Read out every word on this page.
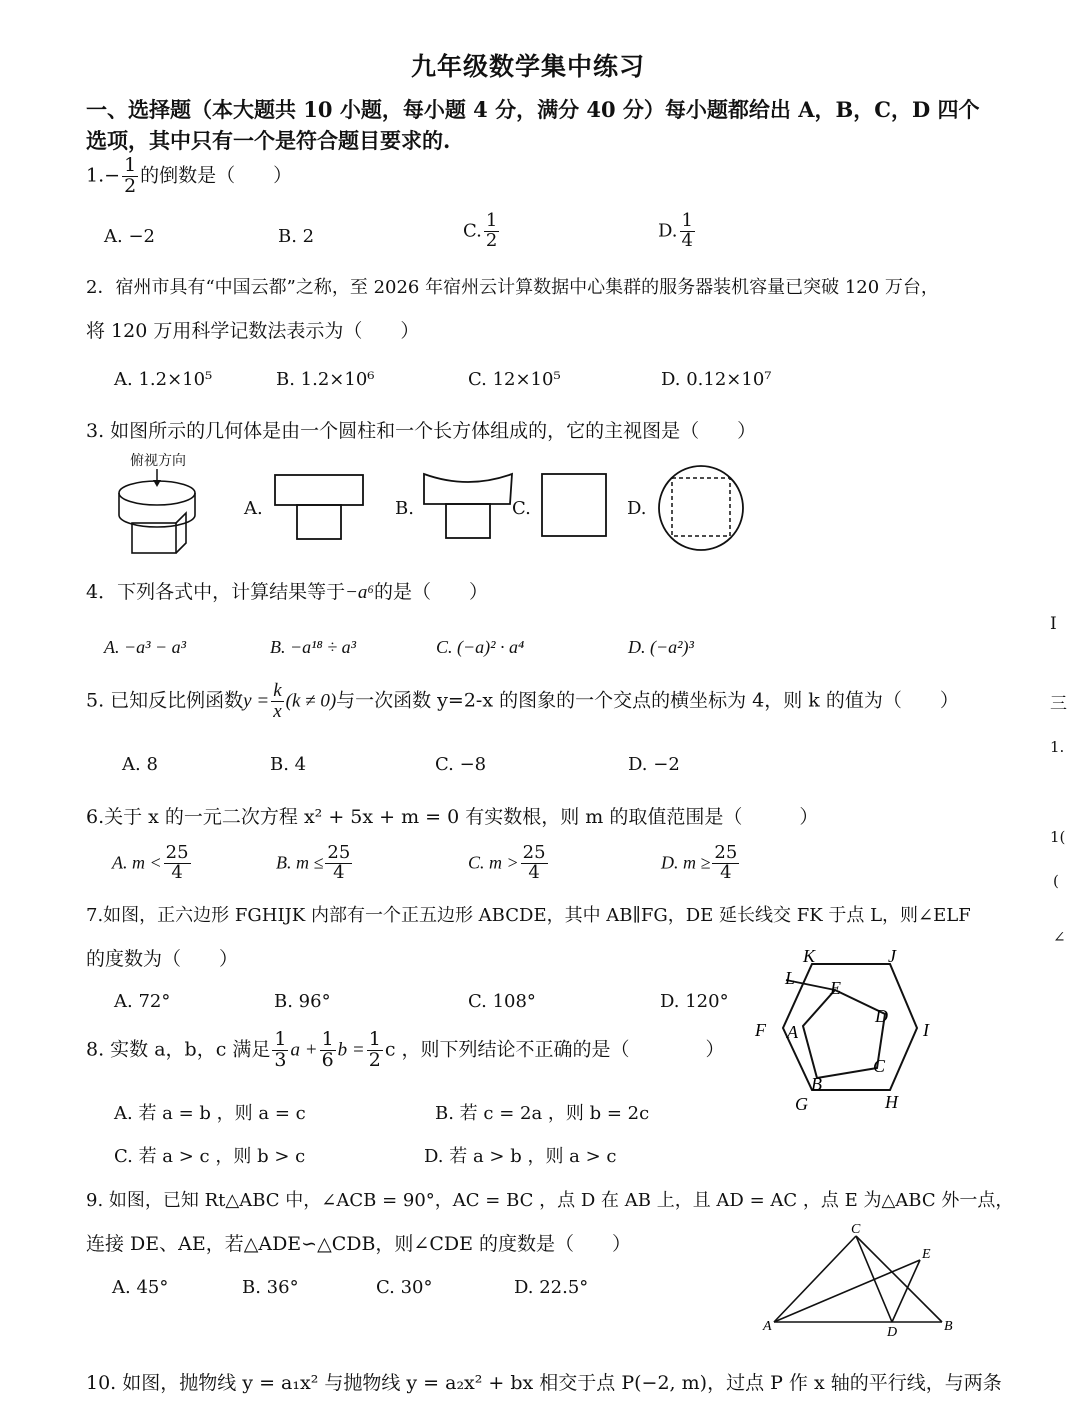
九年级数学集中练习
一、选择题（本大题共 10 小题，每小题 4 分，满分 40 分）每小题都给出 A，B，C，D 四个
选项，其中只有一个是符合题目要求的.
$1.- \frac{1}{2}$ 的倒数是（　　）
A. −2	B. 2	C. $\frac{1}{2}$	D. $\frac{1}{4}$
2．宿州市具有“中国云都”之称，至 2026 年宿州云计算数据中心集群的服务器装机容量已突破 120 万台，
将 120 万用科学记数法表示为（　　）
A. 1.2×10⁵	B. 1.2×10⁶	C. 12×10⁵	D. 0.12×10⁷
3. 如图所示的几何体是由一个圆柱和一个长方体组成的，它的主视图是（　　）
俯视方向
A.	B.	C.	D.
4．下列各式中，计算结果等于−a⁶的是（　　）
A. −a³ − a³	B. −a¹⁸ ÷ a³	C. (−a)² · a⁴	D. (−a²)³
5. 已知反比例函数$y = \frac{k}{x} (k \ne 0)$与一次函数 y=2-x 的图象的一个交点的横坐标为 4，则 k 的值为（　　）
A. 8	B. 4	C. −8	D. −2
6.关于 x 的一元二次方程 x² + 5x + m = 0 有实数根，则 m 的取值范围是（　　　）
A. $m < \frac{25}{4}$	B. $m \le \frac{25}{4}$	C. $m > \frac{25}{4}$	D. $m \ge \frac{25}{4}$
7.如图，正六边形 FGHIJK 内部有一个正五边形 ABCDE，其中 AB∥FG，DE 延长线交 FK 于点 L，则∠ELF
的度数为（　　）
A. 72°	B. 96°	C. 108°	D. 120°
K	J
L E
D
F A	I
C
B
G	H
8. 实数 a，b，c 满足 $\frac{1}{3}$ $a + \frac{1}{6}$ $b = \frac{1}{2}$ c ，则下列结论不正确的是（　　　　）
A. 若 a = b ，则 a = c	B. 若 c = 2a ，则 b = 2c
C. 若 a > c ，则 b > c	D. 若 a > b ，则 a > c
9. 如图，已知 Rt△ABC 中，∠ACB = 90°，AC = BC ，点 D 在 AB 上，且 AD = AC ，点 E 为△ABC 外一点，
连接 DE、AE，若△ADE∽△CDB，则∠CDE 的度数是（　　）
A. 45°	B. 36°	C. 30°	D. 22.5°
C
E
A	D	B
10. 如图，抛物线 y = a₁x² 与抛物线 y = a₂x² + bx 相交于点 P(−2, m)，过点 P 作 x 轴的平行线，与两条
I
三
1.
1(
(
∠
